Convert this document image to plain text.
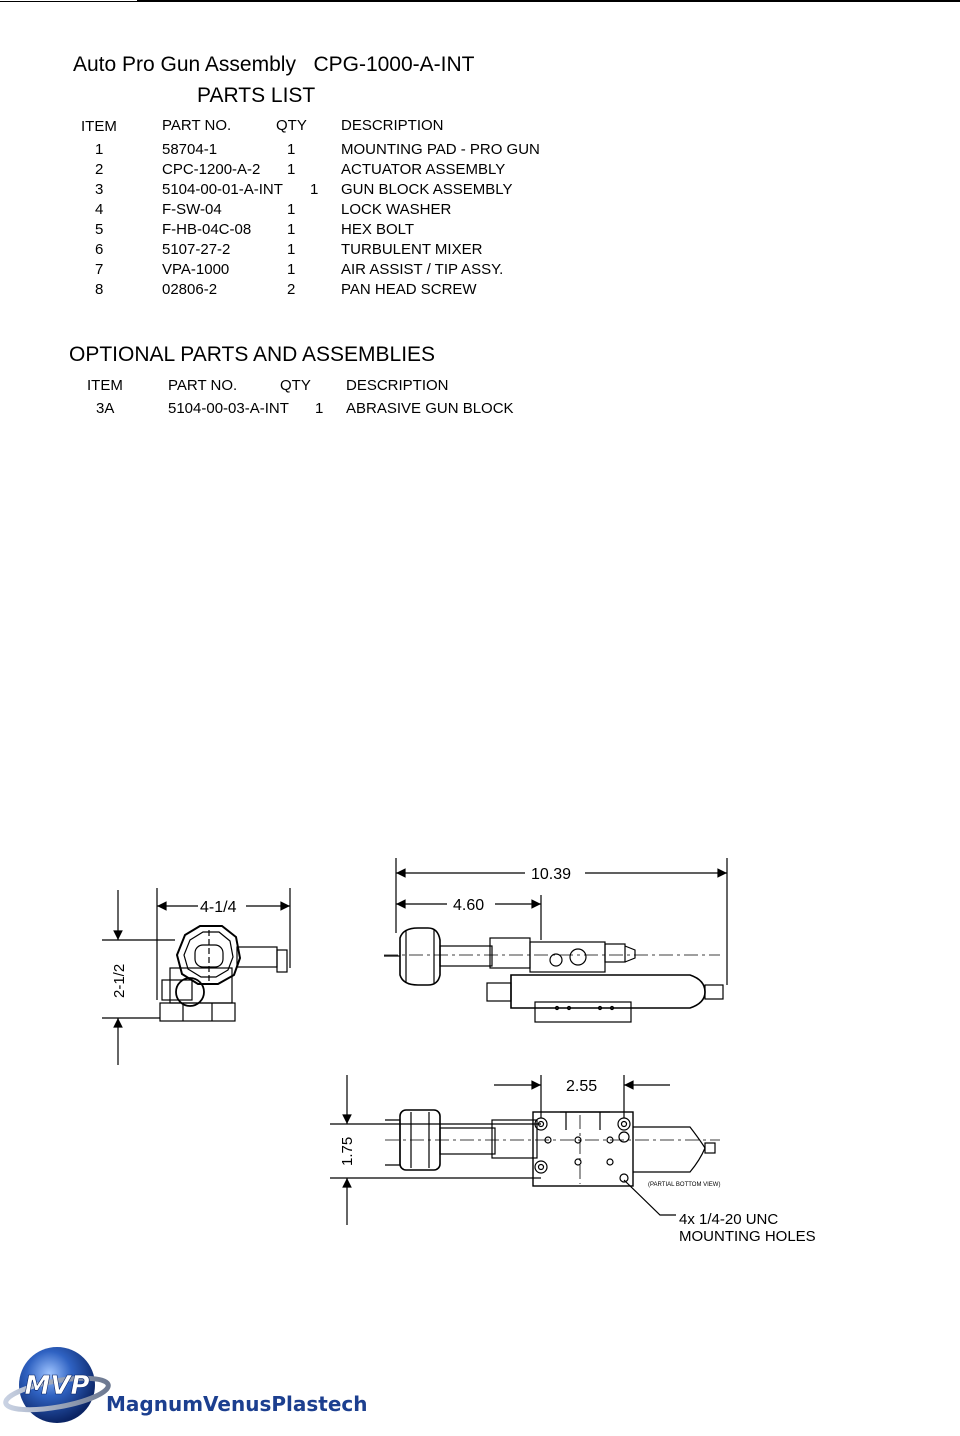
Auto Pro Gun Assembly   CPG-1000-A-INT
PARTS LIST
ITEM	PART NO.	QTY DESCRIPTION
1	58704-1	1	MOUNTING PAD - PRO GUN
2	CPC-1200-A-2 1	ACTUATOR ASSEMBLY
3	5104-00-01-A-INT 1 GUN BLOCK ASSEMBLY
4	F-SW-04	1	LOCK WASHER
5	F-HB-04C-08 1	HEX BOLT
6	5107-27-2	1	TURBULENT MIXER
7	VPA-1000	1	AIR ASSIST / TIP ASSY.
8	02806-2	2	PAN HEAD SCREW
OPTIONAL PARTS AND ASSEMBLIES
ITEM	PART NO.	QTY DESCRIPTION
3A	5104-00-03-A-INT 1 ABRASIVE GUN BLOCK
4-1/4
2-1/2
10.39
4.60
2.55
1.75
(PARTIAL BOTTOM VIEW)
4x 1/4-20 UNC
MOUNTING HOLES
MVP
MagnumVenusPlastech
